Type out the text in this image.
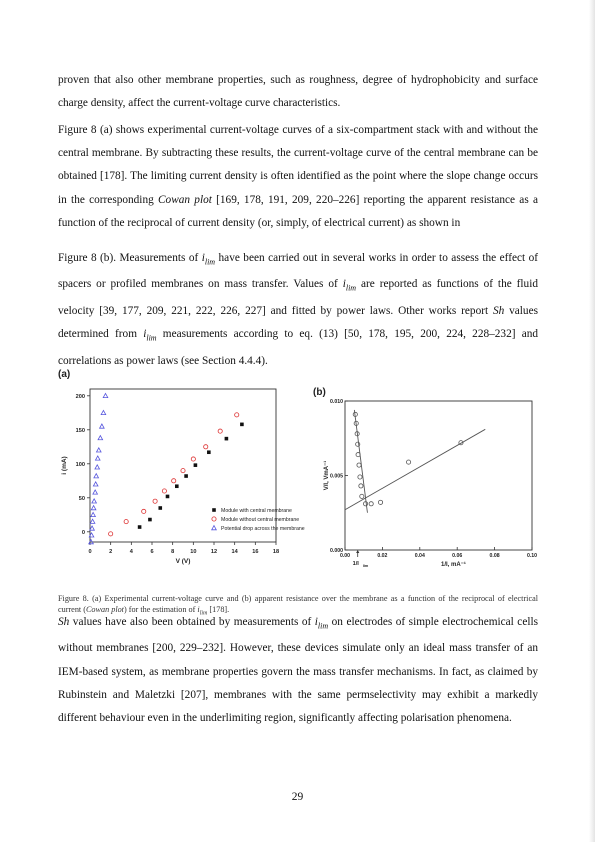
proven that also other membrane properties, such as roughness, degree of hydrophobicity and surface charge density, affect the current-voltage curve characteristics.

Figure 8 (a) shows experimental current-voltage curves of a six-compartment stack with and without the central membrane. By subtracting these results, the current-voltage curve of the central membrane can be obtained [178]. The limiting current density is often identified as the point where the slope change occurs in the corresponding Cowan plot [169, 178, 191, 209, 220–226] reporting the apparent resistance as a function of the reciprocal of current density (or, simply, of electrical current) as shown in

Figure 8 (b). Measurements of $i_{lim}$ have been carried out in several works in order to assess the effect of spacers or profiled membranes on mass transfer. Values of $i_{lim}$ are reported as functions of the fluid velocity [39, 177, 209, 221, 222, 226, 227] and fitted by power laws. Other works report Sh values determined from $i_{lim}$ measurements according to eq. (13) [50, 178, 195, 200, 224, 228–232] and correlations as power laws (see Section 4.4.4).

(a)
0	2	4	6	8	10	12	14	16	18
0
50
100
150
200
V (V)
i (mA)
Module with central membrane
Module without central membrane
Potential drop across the membrane
(b)
0.00	0.02	0.04	0.06	0.08	0.10
0.000
0.005
0.010
1/I, mA⁻¹
V/I, VmA⁻¹
1/I lim
Figure 8. (a) Experimental current-voltage curve and (b) apparent resistance over the membrane as a function of the reciprocal of electrical current (Cowan plot) for the estimation of $i_{lim}$ [178].

Sh values have also been obtained by measurements of $i_{lim}$ on electrodes of simple electrochemical cells without membranes [200, 229–232]. However, these devices simulate only an ideal mass transfer of an IEM-based system, as membrane properties govern the mass transfer mechanisms. In fact, as claimed by Rubinstein and Maletzki [207], membranes with the same permselectivity may exhibit a markedly different behaviour even in the underlimiting region, significantly affecting polarisation phenomena.

29
